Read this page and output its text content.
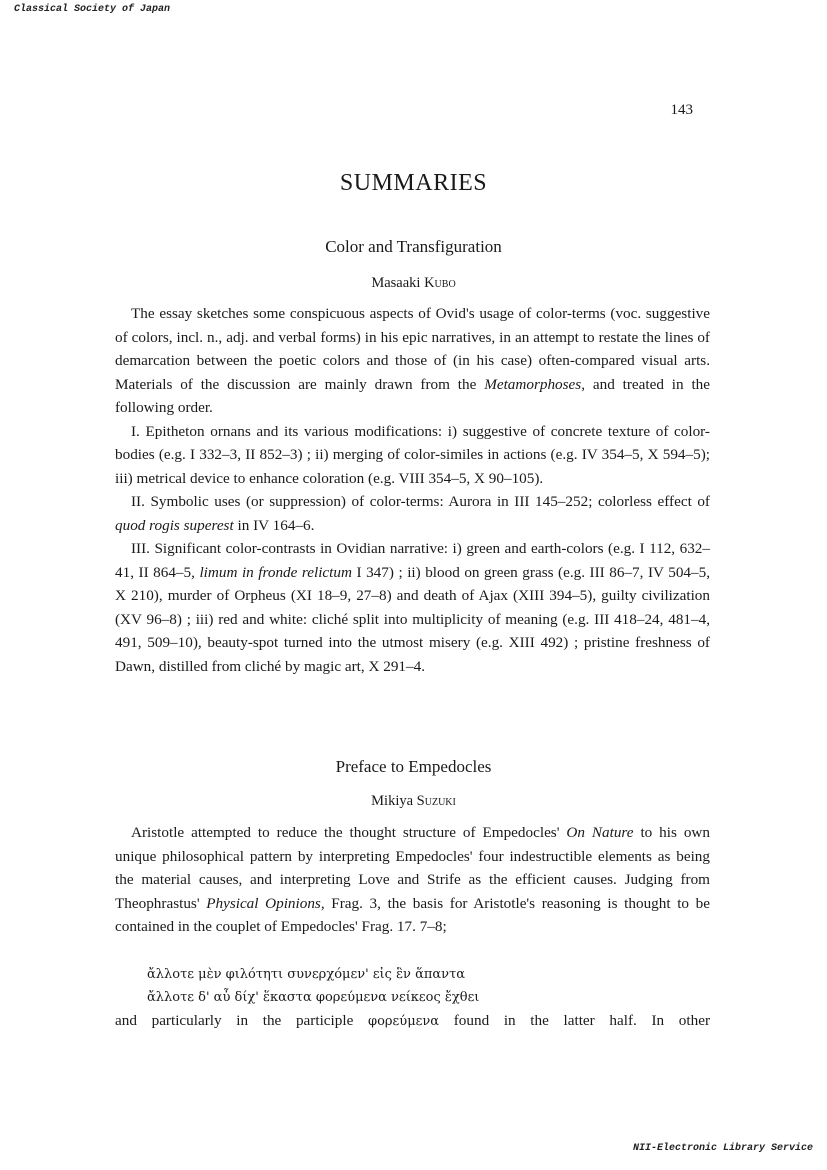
Classical Society of Japan
143
SUMMARIES
Color and Transfiguration
Masaaki Kubo

The essay sketches some conspicuous aspects of Ovid's usage of color-terms (voc. suggestive of colors, incl. n., adj. and verbal forms) in his epic narratives, in an attempt to restate the lines of demarcation between the poetic colors and those of (in his case) often-compared visual arts. Materials of the discussion are mainly drawn from the Metamorphoses, and treated in the following order.

I. Epitheton ornans and its various modifications: i) suggestive of concrete texture of color-bodies (e.g. I 332–3, II 852–3) ; ii) merging of color-similes in actions (e.g. IV 354–5, X 594–5); iii) metrical device to enhance coloration (e.g. VIII 354–5, X 90–105).

II. Symbolic uses (or suppression) of color-terms: Aurora in III 145–252; colorless effect of quod rogis superest in IV 164–6.

III. Significant color-contrasts in Ovidian narrative: i) green and earth-colors (e.g. I 112, 632–41, II 864–5, limum in fronde relictum I 347) ; ii) blood on green grass (e.g. III 86–7, IV 504–5, X 210), murder of Orpheus (XI 18–9, 27–8) and death of Ajax (XIII 394–5), guilty civilization (XV 96–8) ; iii) red and white: cliché split into multiplicity of meaning (e.g. III 418–24, 481–4, 491, 509–10), beauty-spot turned into the utmost misery (e.g. XIII 492) ; pristine freshness of Dawn, distilled from cliché by magic art, X 291–4.

Preface to Empedocles
Mikiya Suzuki

Aristotle attempted to reduce the thought structure of Empedocles' On Nature to his own unique philosophical pattern by interpreting Empedocles' four indestructible elements as being the material causes, and interpreting Love and Strife as the efficient causes. Judging from Theophrastus' Physical Opinions, Frag. 3, the basis for Aristotle's reasoning is thought to be contained in the couplet of Empedocles' Frag. 17. 7–8;

ἄλλοτε μὲν φιλότητι συνερχόμεν' εἰς ἓν ἅπαντα
ἄλλοτε δ' αὖ δίχ' ἕκαστα φορεύμενα νείκεος ἔχθει
and particularly in the participle φορεύμενα found in the latter half. In other
NII-Electronic Library Service
